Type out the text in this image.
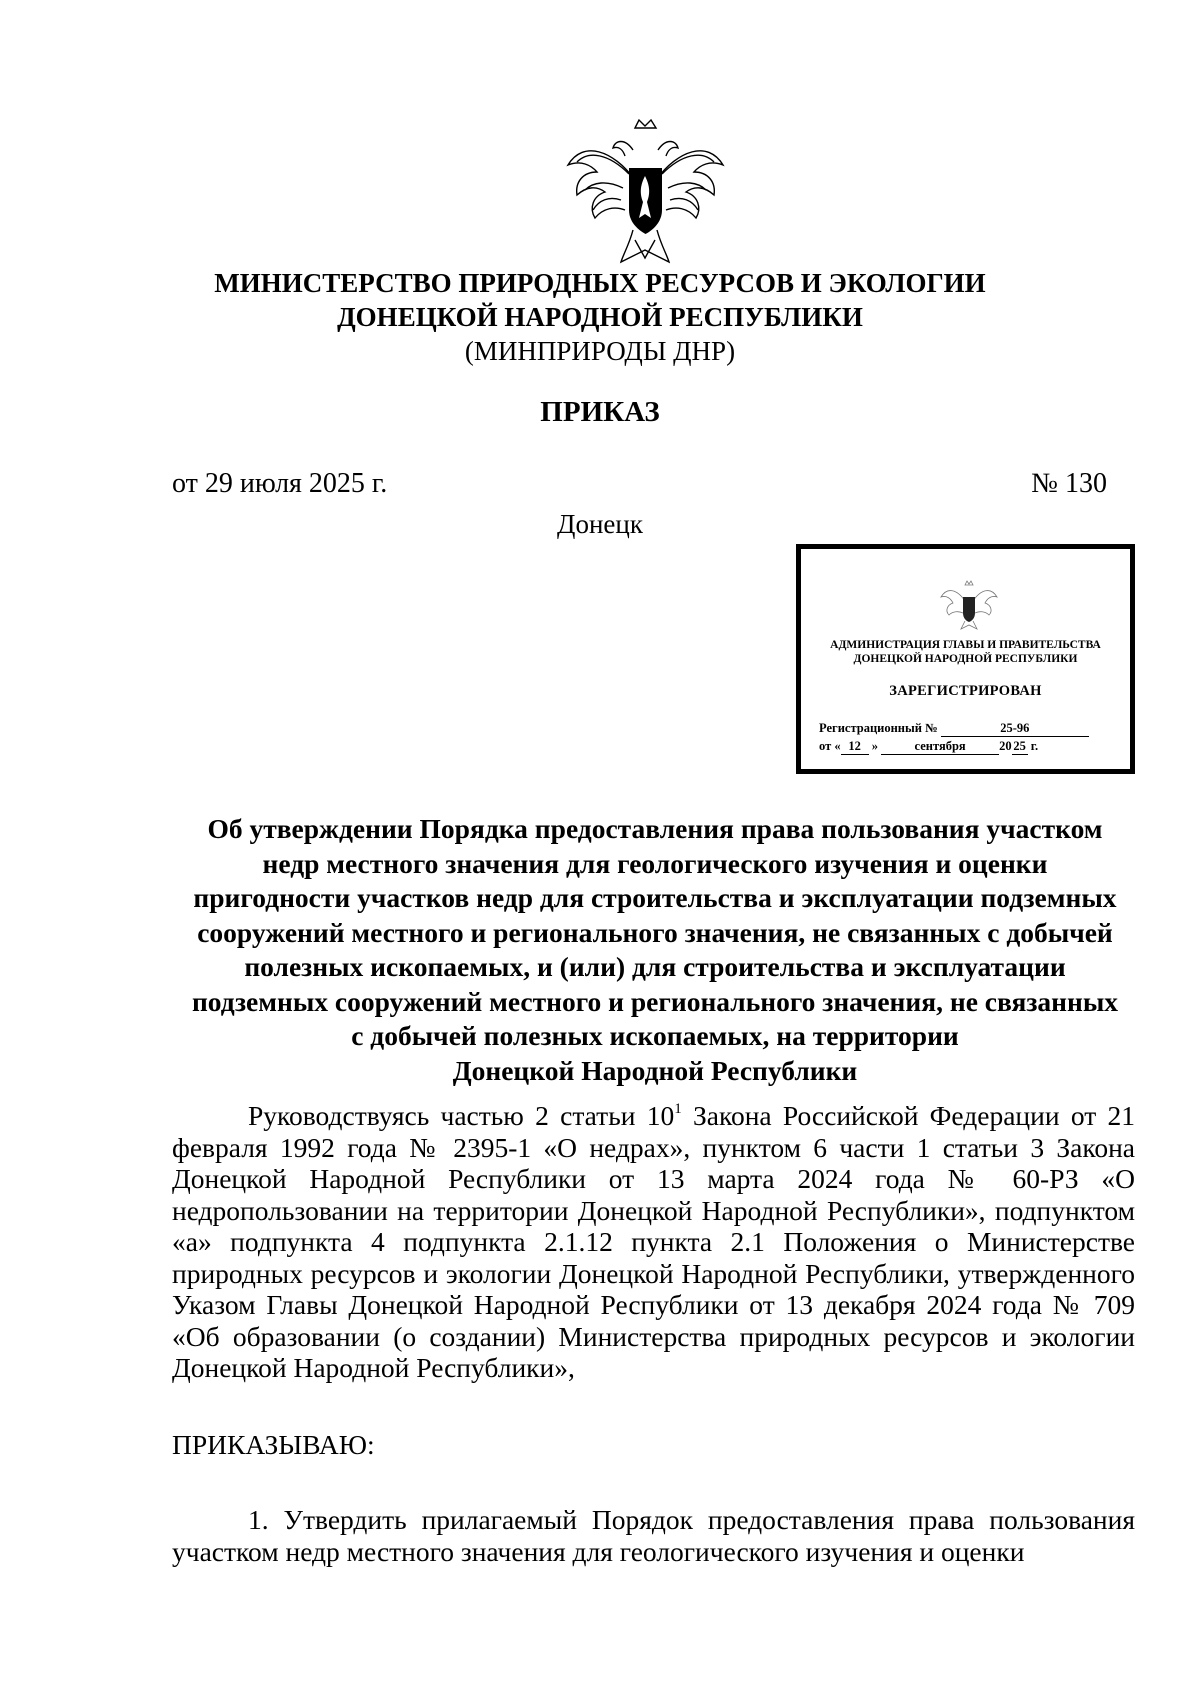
МИНИСТЕРСТВО ПРИРОДНЫХ РЕСУРСОВ И ЭКОЛОГИИ
ДОНЕЦКОЙ НАРОДНОЙ РЕСПУБЛИКИ
(МИНПРИРОДЫ ДНР)
ПРИКАЗ
от 29 июля 2025 г.	№ 130
Донецк
АДМИНИСТРАЦИЯ ГЛАВЫ И ПРАВИТЕЛЬСТВА
ДОНЕЦКОЙ НАРОДНОЙ РЕСПУБЛИКИ
ЗАРЕГИСТРИРОВАН
Регистрационный №	25-96
от « 12 »	сентября	20 25 г.
Об утверждении Порядка предоставления права пользования участком
недр местного значения для геологического изучения и оценки
пригодности участков недр для строительства и эксплуатации подземных
сооружений местного и регионального значения, не связанных с добычей
полезных ископаемых, и (или) для строительства и эксплуатации
подземных сооружений местного и регионального значения, не связанных
с добычей полезных ископаемых, на территории
Донецкой Народной Республики
Руководствуясь частью 2 статьи $10^1$ Закона Российской Федерации от 21 февраля 1992 года № 2395-1 «О недрах», пунктом 6 части 1 статьи 3 Закона Донецкой Народной Республики от 13 марта 2024 года № 60-РЗ «О недропользовании на территории Донецкой Народной Республики», подпунктом «а» подпункта 4 подпункта 2.1.12 пункта 2.1 Положения о Министерстве природных ресурсов и экологии Донецкой Народной Республики, утвержденного Указом Главы Донецкой Народной Республики от 13 декабря 2024 года № 709 «Об образовании (о создании) Министерства природных ресурсов и экологии Донецкой Народной Республики»,
ПРИКАЗЫВАЮ:
1. Утвердить прилагаемый Порядок предоставления права пользования участком недр местного значения для геологического изучения и оценки
